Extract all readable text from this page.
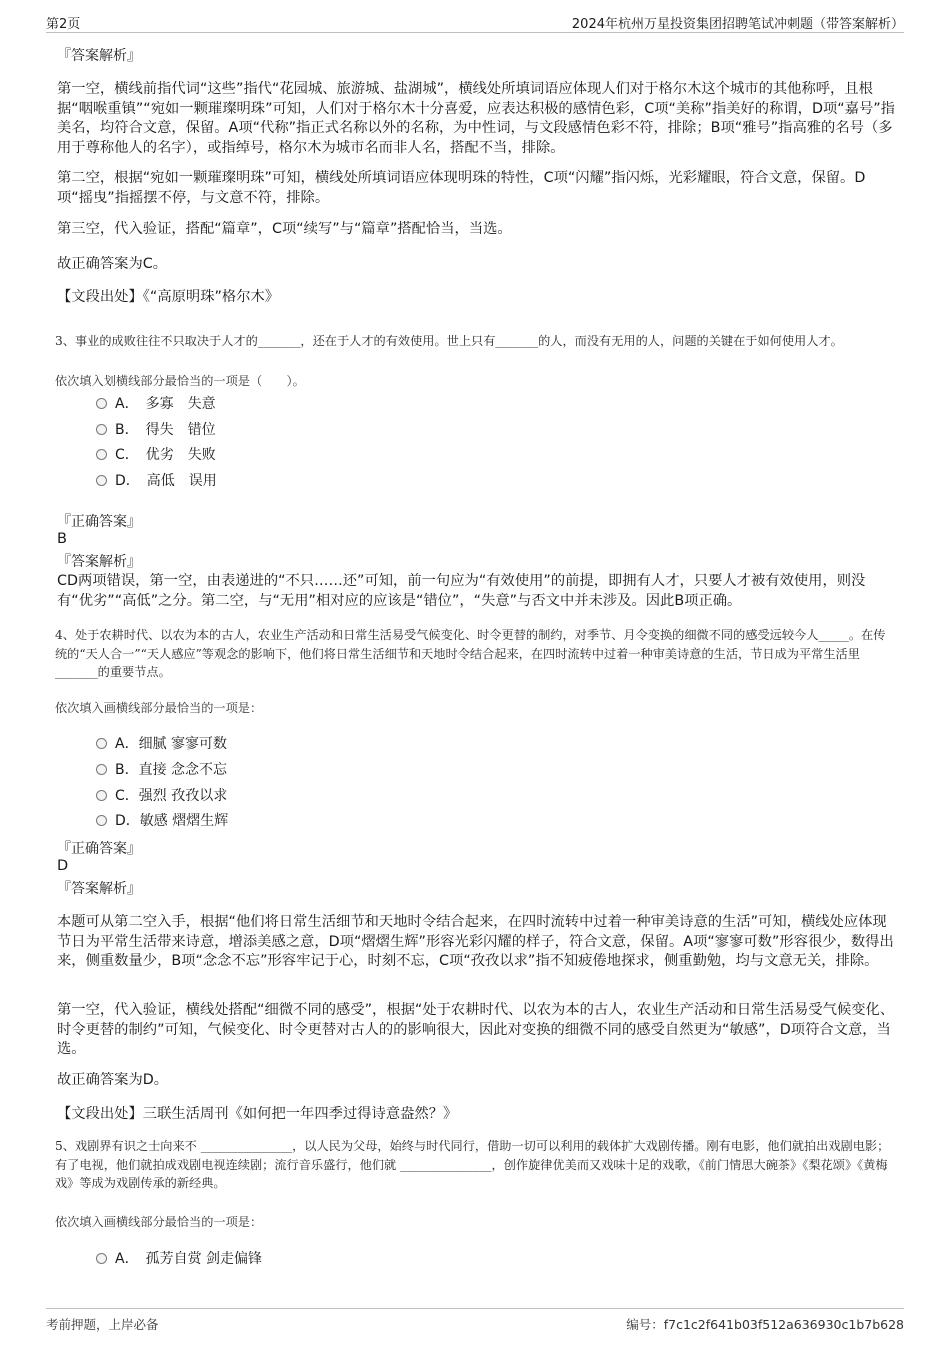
第2页	2024年杭州万星投资集团招聘笔试冲刺题（带答案解析）
『答案解析』
第一空，横线前指代词“这些”指代“花园城、旅游城、盐湖城”，横线处所填词语应体现人们对于格尔木这个城市的其他称呼，且根据“咽喉重镇”“宛如一颗璀璨明珠”可知，人们对于格尔木十分喜爱，应表达积极的感情色彩，C项“美称”指美好的称谓，D项“嘉号”指美名，均符合文意，保留。A项“代称”指正式名称以外的名称，为中性词，与文段感情色彩不符，排除；B项“雅号”指高雅的名号（多用于尊称他人的名字），或指绰号，格尔木为城市名而非人名，搭配不当，排除。
第二空，根据“宛如一颗璀璨明珠”可知，横线处所填词语应体现明珠的特性，C项“闪耀”指闪烁，光彩耀眼，符合文意，保留。D项“摇曳”指摇摆不停，与文意不符，排除。
第三空，代入验证，搭配“篇章”，C项“续写”与“篇章”搭配恰当，当选。
故正确答案为C。
【文段出处】《“高原明珠”格尔木》
3、事业的成败往往不只取决于人才的_______，还在于人才的有效使用。世上只有_______的人，而没有无用的人，问题的关键在于如何使用人才。
依次填入划横线部分最恰当的一项是（　　）。
A．　多寡　失意
B．　得失　错位
C．　优劣　失败
D．　高低　误用
『正确答案』
B
『答案解析』
CD两项错误，第一空，由表递进的“不只……还”可知，前一句应为“有效使用”的前提，即拥有人才，只要人才被有效使用，则没有“优劣”“高低”之分。第二空，与“无用”相对应的应该是“错位”，“失意”与否文中并未涉及。因此B项正确。
4、处于农耕时代、以农为本的古人，农业生产活动和日常生活易受气候变化、时令更替的制约，对季节、月令变换的细微不同的感受远较今人_____。在传统的“天人合一”“天人感应”等观念的影响下，他们将日常生活细节和天地时令结合起来，在四时流转中过着一种审美诗意的生活，节日成为平常生活里_______的重要节点。
依次填入画横线部分最恰当的一项是：
A．细腻 寥寥可数
B．直接 念念不忘
C．强烈 孜孜以求
D．敏感 熠熠生辉
『正确答案』
D
『答案解析』
本题可从第二空入手，根据“他们将日常生活细节和天地时令结合起来，在四时流转中过着一种审美诗意的生活”可知，横线处应体现节日为平常生活带来诗意，增添美感之意，D项“熠熠生辉”形容光彩闪耀的样子，符合文意，保留。A项“寥寥可数”形容很少，数得出来，侧重数量少，B项“念念不忘”形容牢记于心，时刻不忘，C项“孜孜以求”指不知疲倦地探求，侧重勤勉，均与文意无关，排除。
第一空，代入验证，横线处搭配“细微不同的感受”，根据“处于农耕时代、以农为本的古人，农业生产活动和日常生活易受气候变化、时令更替的制约”可知，气候变化、时令更替对古人的的影响很大，因此对变换的细微不同的感受自然更为“敏感”，D项符合文意，当选。
故正确答案为D。
【文段出处】三联生活周刊《如何把一年四季过得诗意盎然？》
5、戏剧界有识之士向来不 _______________，以人民为父母，始终与时代同行，借助一切可以利用的载体扩大戏剧传播。刚有电影，他们就拍出戏剧电影；有了电视，他们就拍成戏剧电视连续剧；流行音乐盛行，他们就 _______________，创作旋律优美而又戏味十足的戏歌，《前门情思大碗茶》《梨花颂》《黄梅戏》等成为戏剧传承的新经典。
依次填入画横线部分最恰当的一项是：
A．　孤芳自赏 剑走偏锋
考前押题，上岸必备	编号：f7c1c2f641b03f512a636930c1b7b628
